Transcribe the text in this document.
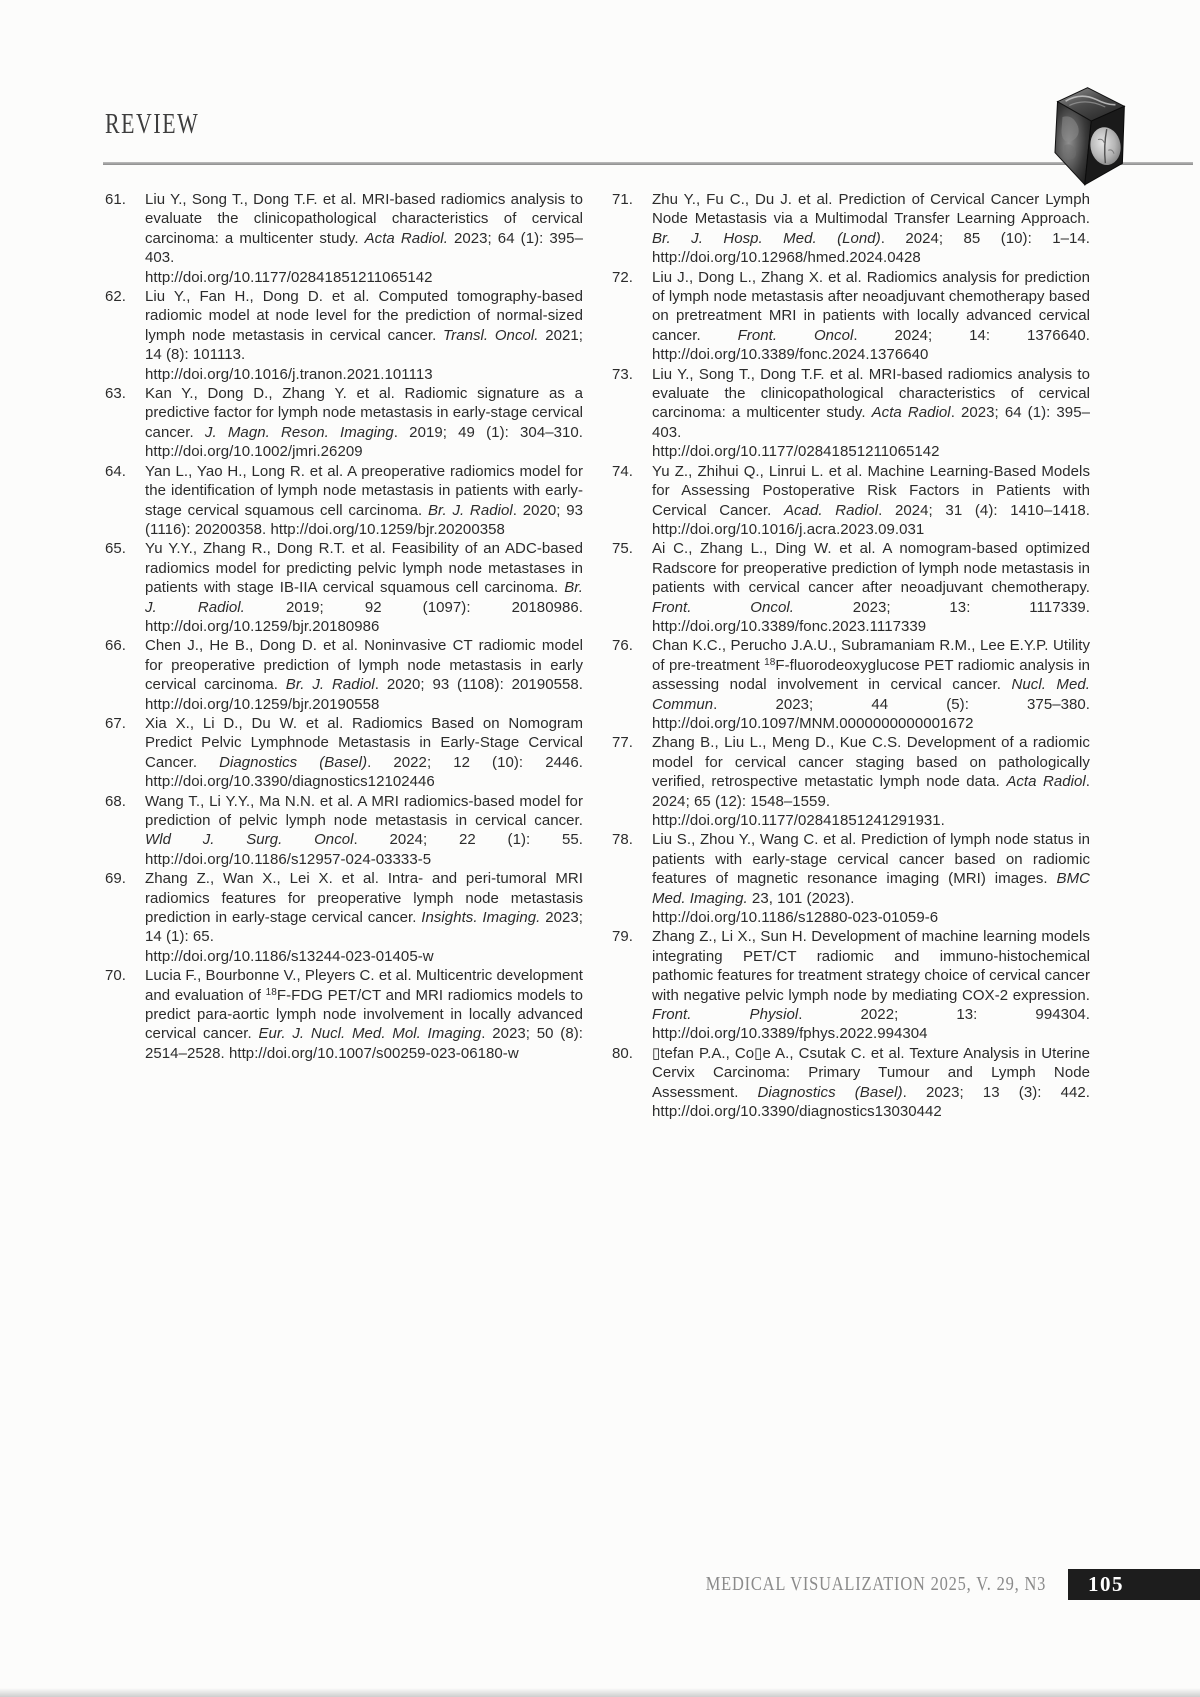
REVIEW
61. Liu Y., Song T., Dong T.F. et al. MRI-based radiomics analysis to evaluate the clinicopathological characteristics of cervical carcinoma: a multicenter study. Acta Radiol. 2023; 64 (1): 395–403.
http://doi.org/10.1177/02841851211065142
62. Liu Y., Fan H., Dong D. et al. Computed tomography-based radiomic model at node level for the prediction of normal-sized lymph node metastasis in cervical cancer. Transl. Oncol. 2021; 14 (8): 101113.
http://doi.org/10.1016/j.tranon.2021.101113
63. Kan Y., Dong D., Zhang Y. et al. Radiomic signature as a predictive factor for lymph node metastasis in early-stage cervical cancer. J. Magn. Reson. Imaging. 2019; 49 (1): 304–310. http://doi.org/10.1002/jmri.26209
64. Yan L., Yao H., Long R. et al. A preoperative radiomics model for the identification of lymph node metastasis in patients with early-stage cervical squamous cell carcinoma. Br. J. Radiol. 2020; 93 (1116): 20200358. http://doi.org/10.1259/bjr.20200358
65. Yu Y.Y., Zhang R., Dong R.T. et al. Feasibility of an ADC-based radiomics model for predicting pelvic lymph node metastases in patients with stage IB-IIA cervical squamous cell carcinoma. Br. J. Radiol. 2019; 92 (1097): 20180986. http://doi.org/10.1259/bjr.20180986
66. Chen J., He B., Dong D. et al. Noninvasive CT radiomic model for preoperative prediction of lymph node metastasis in early cervical carcinoma. Br. J. Radiol. 2020; 93 (1108): 20190558. http://doi.org/10.1259/bjr.20190558
67. Xia X., Li D., Du W. et al. Radiomics Based on Nomogram Predict Pelvic Lymphnode Metastasis in Early-Stage Cervical Cancer. Diagnostics (Basel). 2022; 12 (10): 2446. http://doi.org/10.3390/diagnostics12102446
68. Wang T., Li Y.Y., Ma N.N. et al. A MRI radiomics-based model for prediction of pelvic lymph node metastasis in cervical cancer. Wld J. Surg. Oncol. 2024; 22 (1): 55. http://doi.org/10.1186/s12957-024-03333-5
69. Zhang Z., Wan X., Lei X. et al. Intra- and peri-tumoral MRI radiomics features for preoperative lymph node metastasis prediction in early-stage cervical cancer. Insights. Imaging. 2023; 14 (1): 65.
http://doi.org/10.1186/s13244-023-01405-w
70. Lucia F., Bourbonne V., Pleyers C. et al. Multicentric development and evaluation of $^{18}$F-FDG PET/CT and MRI radiomics models to predict para-aortic lymph node involvement in locally advanced cervical cancer. Eur. J. Nucl. Med. Mol. Imaging. 2023; 50 (8): 2514–2528. http://doi.org/10.1007/s00259-023-06180-w
71. Zhu Y., Fu C., Du J. et al. Prediction of Cervical Cancer Lymph Node Metastasis via a Multimodal Transfer Learning Approach. Br. J. Hosp. Med. (Lond). 2024; 85 (10): 1–14. http://doi.org/10.12968/hmed.2024.0428
72. Liu J., Dong L., Zhang X. et al. Radiomics analysis for prediction of lymph node metastasis after neoadjuvant chemotherapy based on pretreatment MRI in patients with locally advanced cervical cancer. Front. Oncol. 2024; 14: 1376640. http://doi.org/10.3389/fonc.2024.1376640
73. Liu Y., Song T., Dong T.F. et al. MRI-based radiomics analysis to evaluate the clinicopathological characteristics of cervical carcinoma: a multicenter study. Acta Radiol. 2023; 64 (1): 395–403.
http://doi.org/10.1177/02841851211065142
74. Yu Z., Zhihui Q., Linrui L. et al. Machine Learning-Based Models for Assessing Postoperative Risk Factors in Patients with Cervical Cancer. Acad. Radiol. 2024; 31 (4): 1410–1418. http://doi.org/10.1016/j.acra.2023.09.031
75. Ai C., Zhang L., Ding W. et al. A nomogram-based optimized Radscore for preoperative prediction of lymph node metastasis in patients with cervical cancer after neoadjuvant chemotherapy. Front. Oncol. 2023; 13: 1117339. http://doi.org/10.3389/fonc.2023.1117339
76. Chan K.C., Perucho J.A.U., Subramaniam R.M., Lee E.Y.P. Utility of pre-treatment $^{18}$F-fluorodeoxyglucose PET radiomic analysis in assessing nodal involvement in cervical cancer. Nucl. Med. Commun. 2023; 44 (5): 375–380. http://doi.org/10.1097/MNM.0000000000001672
77. Zhang B., Liu L., Meng D., Kue C.S. Development of a radiomic model for cervical cancer staging based on pathologically verified, retrospective metastatic lymph node data. Acta Radiol. 2024; 65 (12): 1548–1559.
http://doi.org/10.1177/02841851241291931.
78. Liu S., Zhou Y., Wang C. et al. Prediction of lymph node status in patients with early-stage cervical cancer based on radiomic features of magnetic resonance imaging (MRI) images. BMC Med. Imaging. 23, 101 (2023).
http://doi.org/10.1186/s12880-023-01059-6
79. Zhang Z., Li X., Sun H. Development of machine learning models integrating PET/CT radiomic and immuno-histochemical pathomic features for treatment strategy choice of cervical cancer with negative pelvic lymph node by mediating COX-2 expression. Front. Physiol. 2022; 13: 994304. http://doi.org/10.3389/fphys.2022.994304
80. ▯tefan P.A., Co▯e A., Csutak C. et al. Texture Analysis in Uterine Cervix Carcinoma: Primary Tumour and Lymph Node Assessment. Diagnostics (Basel). 2023; 13 (3): 442. http://doi.org/10.3390/diagnostics13030442
MEDICAL VISUALIZATION 2025, V. 29, N3	105
